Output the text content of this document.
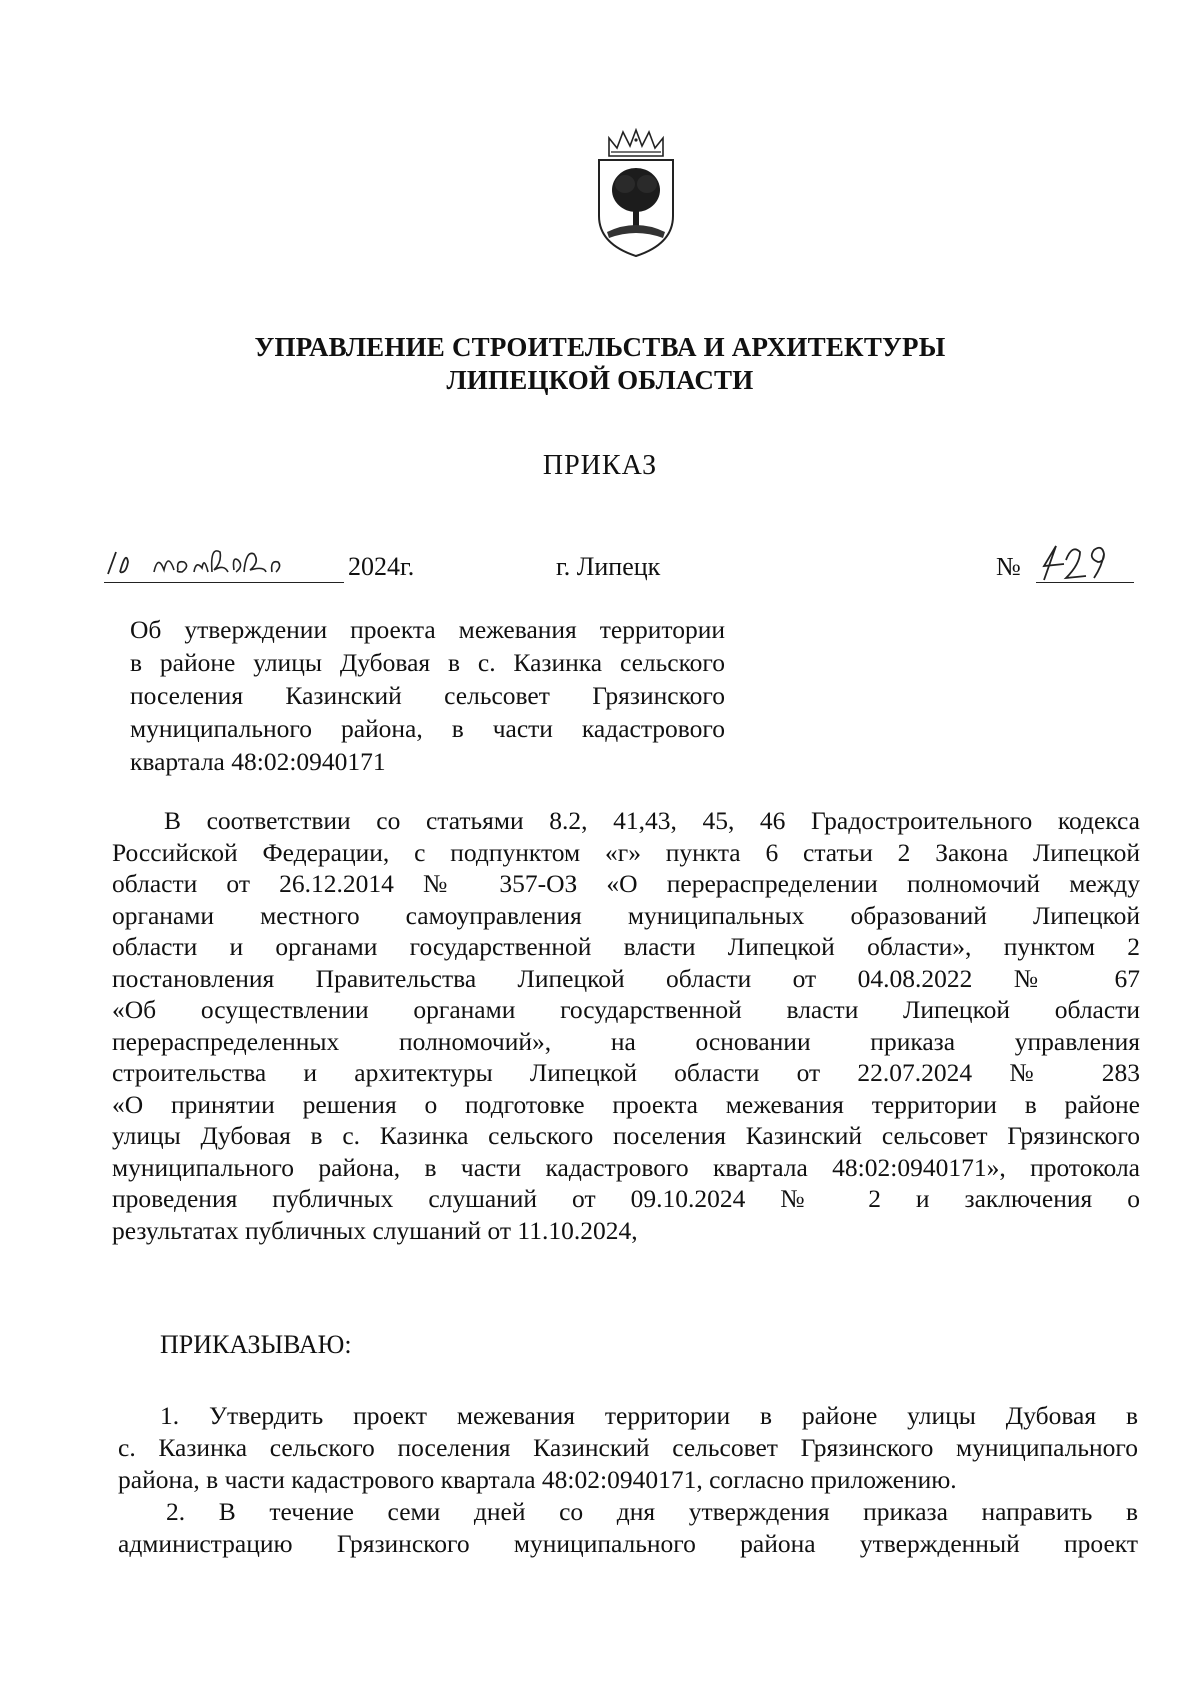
УПРАВЛЕНИЕ СТРОИТЕЛЬСТВА И АРХИТЕКТУРЫ
ЛИПЕЦКОЙ ОБЛАСТИ
ПРИКАЗ
2024г.	г. Липецк	№
Об утверждении проекта межевания территории
в районе улицы Дубовая в с. Казинка сельского
поселения Казинский сельсовет Грязинского
муниципального района, в части кадастрового
квартала 48:02:0940171
В соответствии со статьями 8.2, 41,43, 45, 46 Градостроительного кодекса
Российской Федерации, с подпунктом «г» пункта 6 статьи 2 Закона Липецкой
области от 26.12.2014 № 357-ОЗ «О перераспределении полномочий между
органами местного самоуправления муниципальных образований Липецкой
области и органами государственной власти Липецкой области», пунктом 2
постановления Правительства Липецкой области от 04.08.2022 № 67
«Об осуществлении органами государственной власти Липецкой области
перераспределенных полномочий», на основании приказа управления
строительства и архитектуры Липецкой области от 22.07.2024 № 283
«О принятии решения о подготовке проекта межевания территории в районе
улицы Дубовая в с. Казинка сельского поселения Казинский сельсовет Грязинского
муниципального района, в части кадастрового квартала 48:02:0940171», протокола
проведения публичных слушаний от 09.10.2024 № 2 и заключения о
результатах публичных слушаний от 11.10.2024,
ПРИКАЗЫВАЮ:
1. Утвердить проект межевания территории в районе улицы Дубовая в
с. Казинка сельского поселения Казинский сельсовет Грязинского муниципального
района, в части кадастрового квартала 48:02:0940171, согласно приложению.
2. В течение семи дней со дня утверждения приказа направить в
администрацию Грязинского муниципального района утвержденный проект
